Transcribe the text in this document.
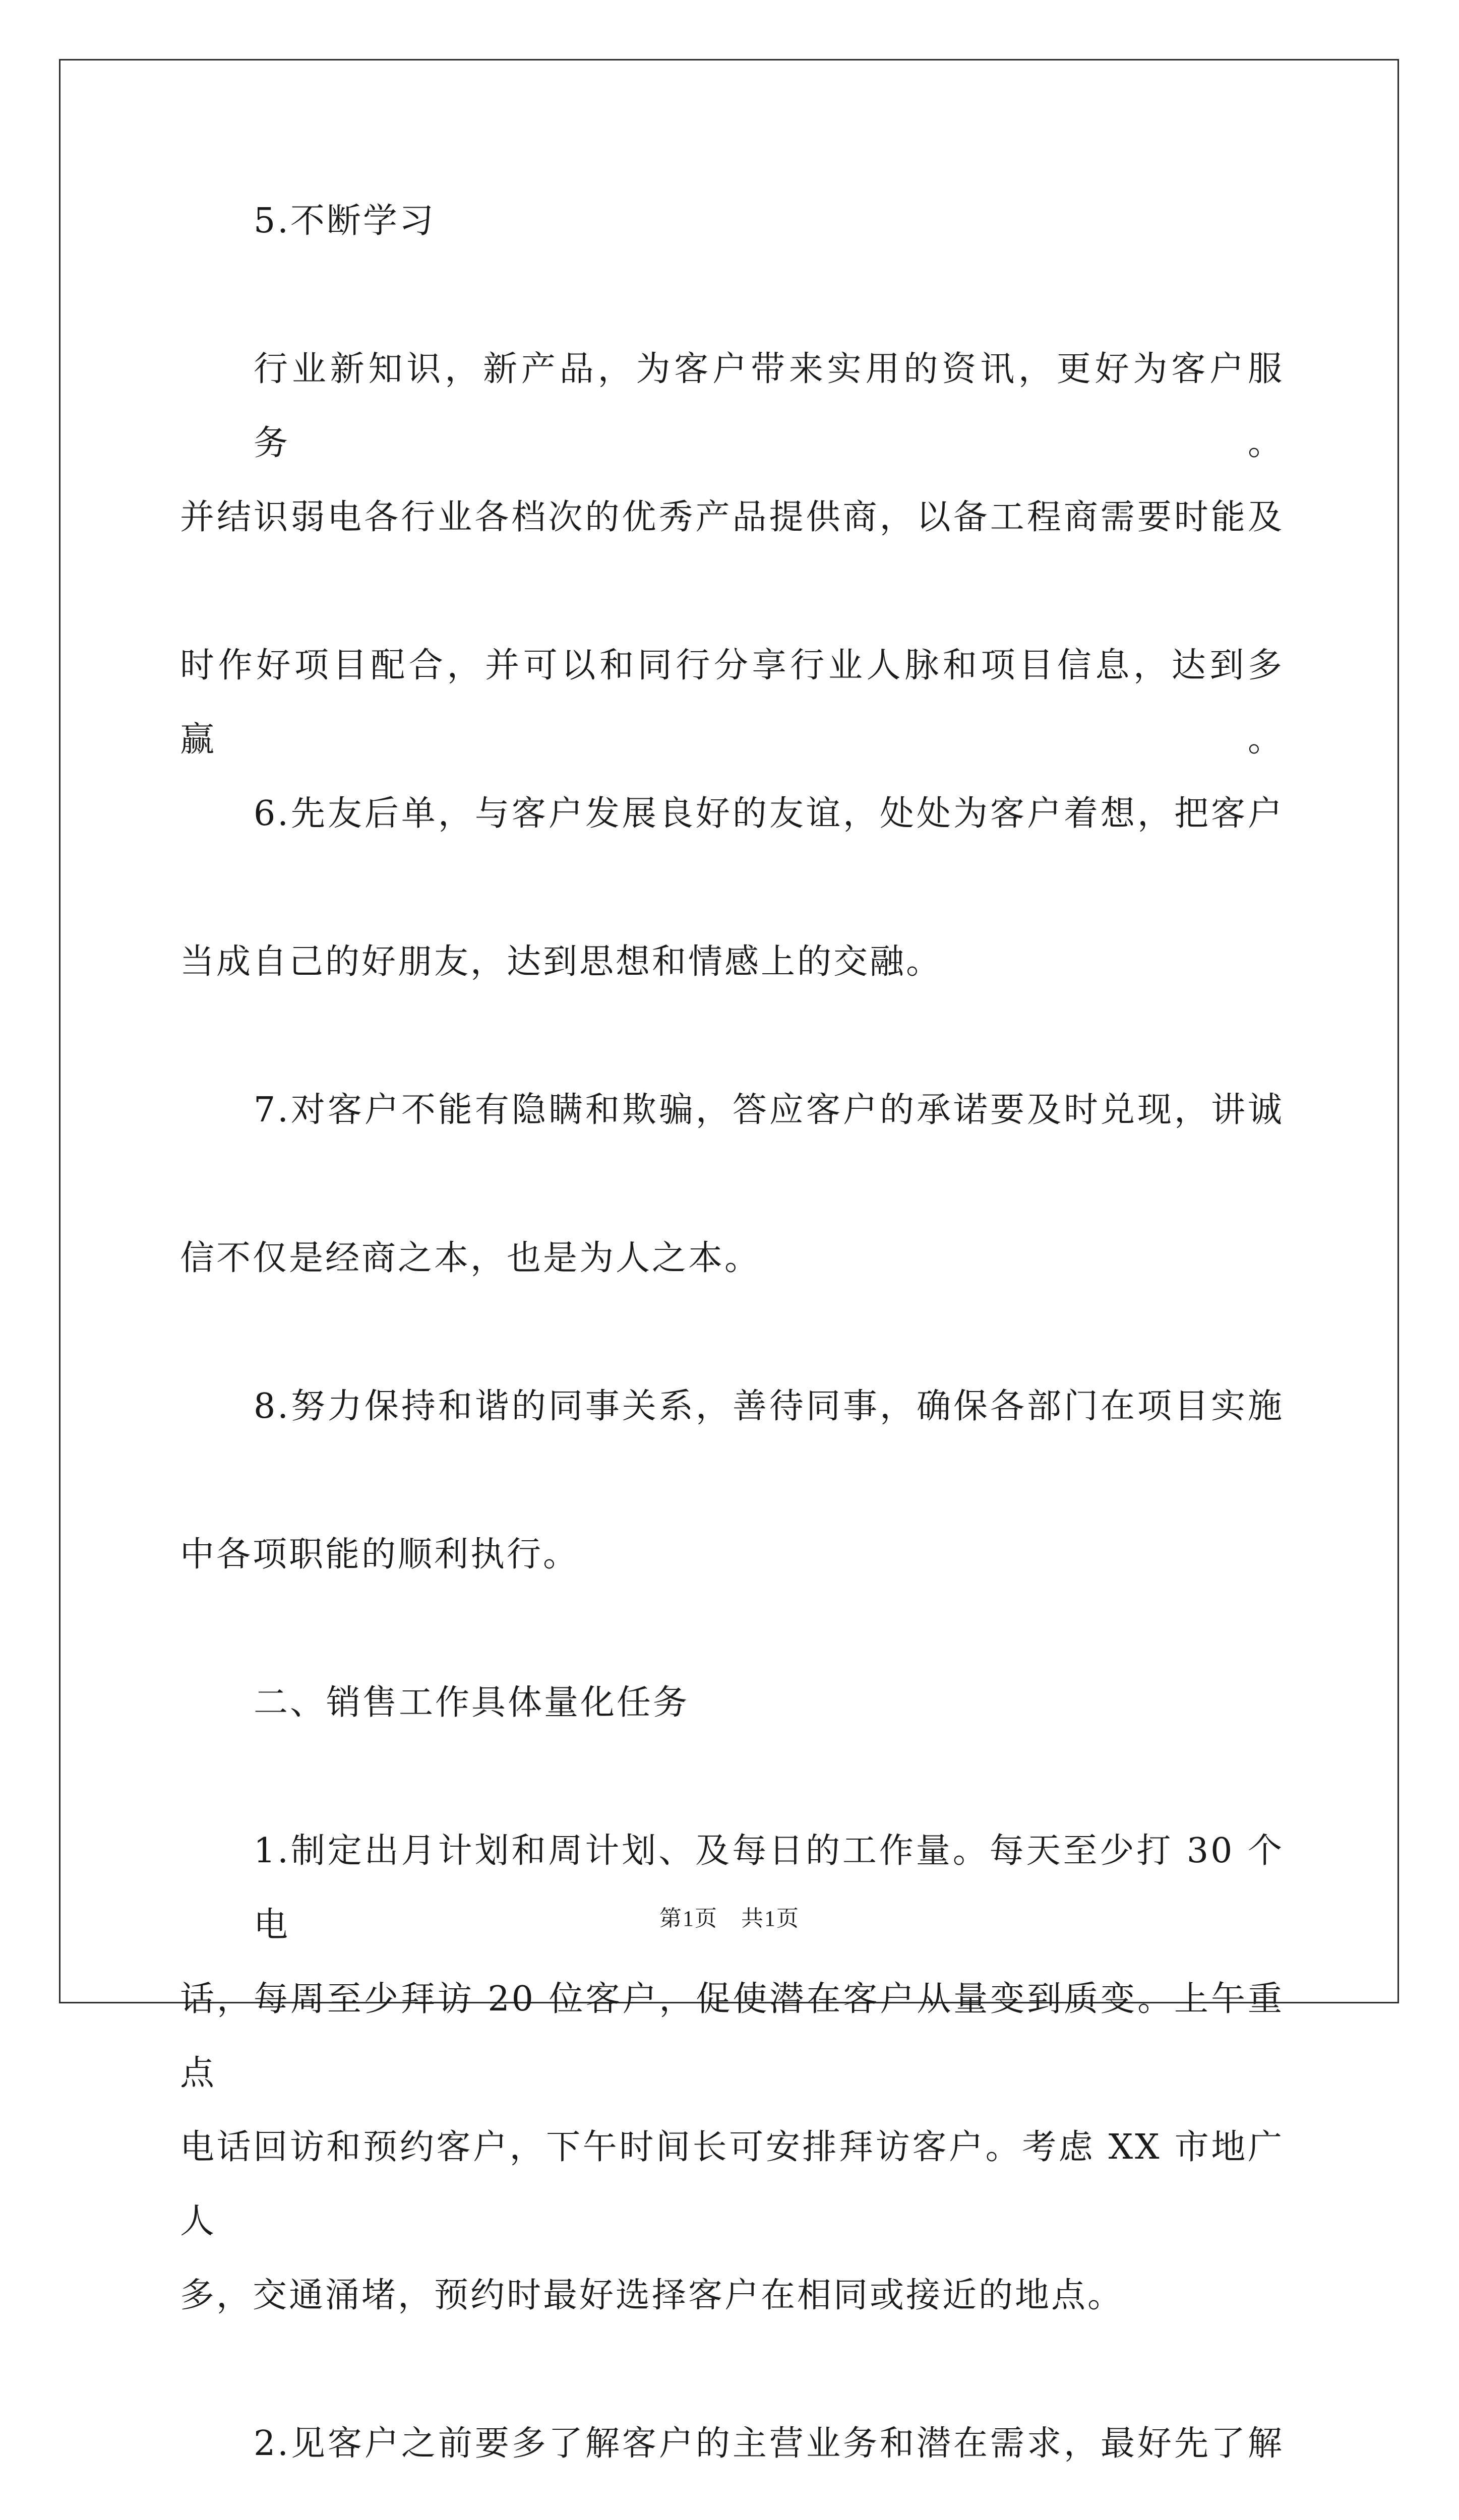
5.不断学习
行业新知识，新产品，为客户带来实用的资讯，更好为客户服务。
并结识弱电各行业各档次的优秀产品提供商，以备工程商需要时能及
时作好项目配合，并可以和同行分享行业人脉和项目信息，达到多赢。
6.先友后单，与客户发展良好的友谊，处处为客户着想，把客户
当成自己的好朋友，达到思想和情感上的交融。
7.对客户不能有隐瞒和欺骗，答应客户的承诺要及时兑现，讲诚
信不仅是经商之本，也是为人之本。
8.努力保持和谐的同事关系，善待同事，确保各部门在项目实施
中各项职能的顺利执行。
二、销售工作具体量化任务
1.制定出月计划和周计划、及每日的工作量。每天至少打 30 个电
话，每周至少拜访 20 位客户，促使潜在客户从量变到质变。上午重点
电话回访和预约客户，下午时间长可安排拜访客户。考虑 XX 市地广人
多，交通涌堵，预约时最好选择客户在相同或接近的地点。
2.见客户之前要多了解客户的主营业务和潜在需求，最好先了解
第1页　共1页
